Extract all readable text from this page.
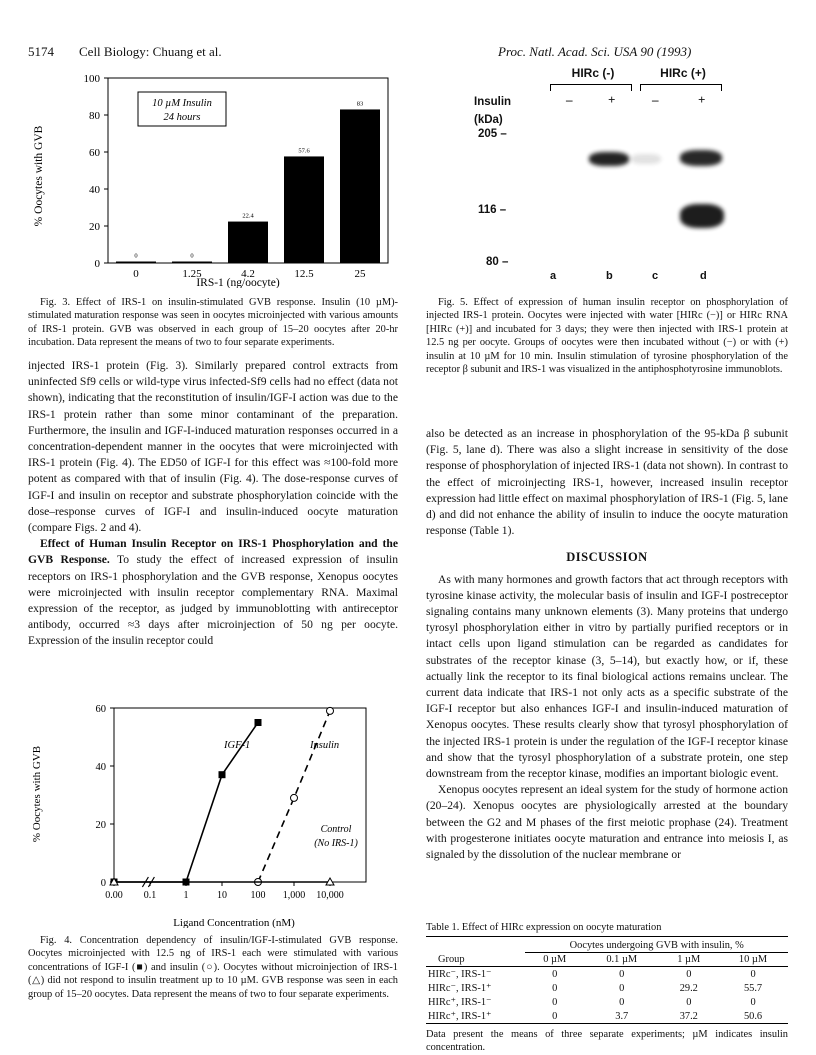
5174 Cell Biology: Chuang et al.	Proc. Natl. Acad. Sci. USA 90 (1993)
% Oocytes with GVB
0
20
40
60
80
100
0	1.25	4.2	12.5	25
0	0
22.4
57.6
83
10 µM Insulin
24 hours
IRS-1 (ng/oocyte)

Fig. 3. Effect of IRS-1 on insulin-stimulated GVB response. Insulin (10 µM)-stimulated maturation response was seen in oocytes microinjected with various amounts of IRS-1 protein. GVB was observed in each group of 15–20 oocytes after 20-hr incubation. Data represent the means of two to four separate experiments.

injected IRS-1 protein (Fig. 3). Similarly prepared control extracts from uninfected Sf9 cells or wild-type virus infected-Sf9 cells had no effect (data not shown), indicating that the reconstitution of insulin/IGF-I action was due to the IRS-1 protein rather than some minor contaminant of the preparation. Furthermore, the insulin and IGF-I-induced maturation responses occurred in a concentration-dependent manner in the oocytes that were microinjected with IRS-1 protein (Fig. 4). The ED50 of IGF-I for this effect was ≈100-fold more potent as compared with that of insulin (Fig. 4). The dose-response curves of IGF-I and insulin on receptor and substrate phosphorylation coincide with the dose–response curves of IGF-I and insulin-induced oocyte maturation (compare Figs. 2 and 4).

Effect of Human Insulin Receptor on IRS-1 Phosphorylation and the GVB Response. To study the effect of increased expression of insulin receptors on IRS-1 phosphorylation and the GVB response, Xenopus oocytes were microinjected with insulin receptor complementary RNA. Maximal expression of the receptor, as judged by immunoblotting with antireceptor antibody, occurred ≈3 days after microinjection of 50 ng per oocyte. Expression of the insulin receptor could

% Oocytes with GVB
0
20
40
60
0.00 0.1	1	10 100 1,000 10,000
IGF-1	Insulin
Control
(No IRS-1)
Ligand Concentration (nM)

Fig. 4. Concentration dependency of insulin/IGF-I-stimulated GVB response. Oocytes microinjected with 12.5 ng of IRS-1 each were stimulated with various concentrations of IGF-I (■) and insulin (○). Oocytes without microinjection of IRS-1 (△) did not respond to insulin treatment up to 10 µM. GVB response was seen in each group of 15–20 oocytes. Data represent the means of two to four separate experiments.

HIRc (-)	HIRc (+)
Insulin
(kDa)
–	+	–	+
205 –
116 –
80 –
a	b	c	d

Fig. 5. Effect of expression of human insulin receptor on phosphorylation of injected IRS-1 protein. Oocytes were injected with water [HIRc (−)] or HIRc RNA [HIRc (+)] and incubated for 3 days; they were then injected with IRS-1 protein at 12.5 ng per oocyte. Groups of oocytes were then incubated without (−) or with (+) insulin at 10 µM for 10 min. Insulin stimulation of tyrosine phosphorylation of the receptor β subunit and IRS-1 was visualized in the antiphosphotyrosine immunoblots.

also be detected as an increase in phosphorylation of the 95-kDa β subunit (Fig. 5, lane d). There was also a slight increase in sensitivity of the dose response of phosphorylation of injected IRS-1 (data not shown). In contrast to the effect of microinjecting IRS-1, however, increased insulin receptor expression had little effect on maximal phosphorylation of IRS-1 (Fig. 5, lane d) and did not enhance the ability of insulin to induce the oocyte maturation response (Table 1).

DISCUSSION

As with many hormones and growth factors that act through receptors with tyrosine kinase activity, the molecular basis of insulin and IGF-I postreceptor signaling contains many unknown elements (3). Many proteins that undergo tyrosyl phosphorylation either in vitro by partially purified receptors or in intact cells upon ligand stimulation can be regarded as candidates for substrates of the receptor kinase (3, 5–14), but exactly how, or if, these actually link the receptor to its final biological actions remains unclear. The current data indicate that IRS-1 not only acts as a specific substrate of the IGF-I receptor but also enhances IGF-I and insulin-induced maturation of Xenopus oocytes. These results clearly show that tyrosyl phosphorylation of the injected IRS-1 protein is under the regulation of the IGF-I receptor kinase and show that the tyrosyl phosphorylation of a substrate protein, one step downstream from the receptor kinase, modifies an important biologic event.

Xenopus oocytes represent an ideal system for the study of hormone action (20–24). Xenopus oocytes are physiologically arrested at the boundary between the G2 and M phases of the first meiotic prophase (24). Treatment with progesterone initiates oocyte maturation and entrance into meiosis I, as signaled by the dissolution of the nuclear membrane or

Table 1. Effect of HIRc expression on oocyte maturation
	Oocytes undergoing GVB with insulin, %			
Group	0 µM	0.1 µM	1 µM	10 µM
HIRc⁻, IRS-1⁻	0	0	0	0
HIRc⁻, IRS-1⁺	0	0	29.2	55.7
HIRc⁺, IRS-1⁻	0	0	0	0
HIRc⁺, IRS-1⁺	0	3.7	37.2	50.6
Data present the means of three separate experiments; µM indicates insulin concentration.
